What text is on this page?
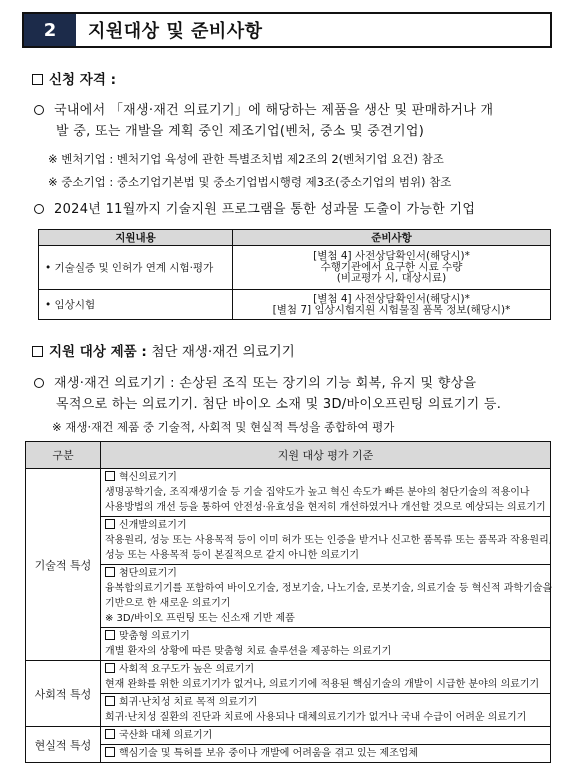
2	지원대상 및 준비사항
신청 자격 :
국내에서 「재생‧재건 의료기기」에 해당하는 제품을 생산 및 판매하거나 개
발 중, 또는 개발을 계획 중인 제조기업(벤처, 중소 및 중견기업)
※ 벤처기업 : 벤처기업 육성에 관한 특별조치법 제2조의 2(벤처기업 요건) 참조
※ 중소기업 : 중소기업기본법 및 중소기업법시행령 제3조(중소기업의 범위) 참조
2024년 11월까지 기술지원 프로그램을 통한 성과물 도출이 가능한 기업
지원내용	준비사항
• 기술실증 및 인허가 연계 시험‧평가	[별첨 4] 사전상담확인서(해당시)*
수행기관에서 요구한 시료 수량
(비교평가 시, 대상시료)

• 임상시험	[별첨 4] 사전상담확인서(해당시)*
[별첨 7] 임상시험지원 시험물질 품목 정보(해당시)*
지원 대상 제품 : 첨단 재생‧재건 의료기기
재생‧재건 의료기기 : 손상된 조직 또는 장기의 기능 회복, 유지 및 향상을
목적으로 하는 의료기기. 첨단 바이오 소재 및 3D/바이오프린팅 의료기기 등.
※ 재생‧재건 제품 중 기술적, 사회적 및 현실적 특성을 종합하여 평가
구분	지원 대상 평가 기준
기술적 특성	혁신의료기기
생명공학기술, 조직재생기술 등 기술 집약도가 높고 혁신 속도가 빠른 분야의 첨단기술의 적용이나
사용방법의 개선 등을 통하여 안전성‧유효성을 현저히 개선하였거나 개선할 것으로 예상되는 의료기기

	신개발의료기기
작용원리, 성능 또는 사용목적 등이 이미 허가 또는 인증을 받거나 신고한 품목류 또는 품목과 작용원리,
성능 또는 사용목적 등이 본질적으로 같지 아니한 의료기기

	첨단의료기기
융복합의료기기를 포함하여 바이오기술, 정보기술, 나노기술, 로봇기술, 의료기술 등 혁신적 과학기술을
기반으로 한 새로운 의료기기
※ 3D/바이오 프린팅 또는 신소재 기반 제품

	맞춤형 의료기기
개별 환자의 상황에 따른 맞춤형 치료 솔루션을 제공하는 의료기기

사회적 특성	사회적 요구도가 높은 의료기기
현재 완화를 위한 의료기기가 없거나, 의료기기에 적용된 핵심기술의 개발이 시급한 분야의 의료기기

	희귀‧난치성 치료 목적 의료기기
희귀‧난치성 질환의 진단과 치료에 사용되나 대체의료기기가 없거나 국내 수급이 어려운 의료기기

현실적 특성	국산화 대체 의료기기

	핵심기술 및 특허를 보유 중이나 개발에 어려움을 겪고 있는 제조업체
